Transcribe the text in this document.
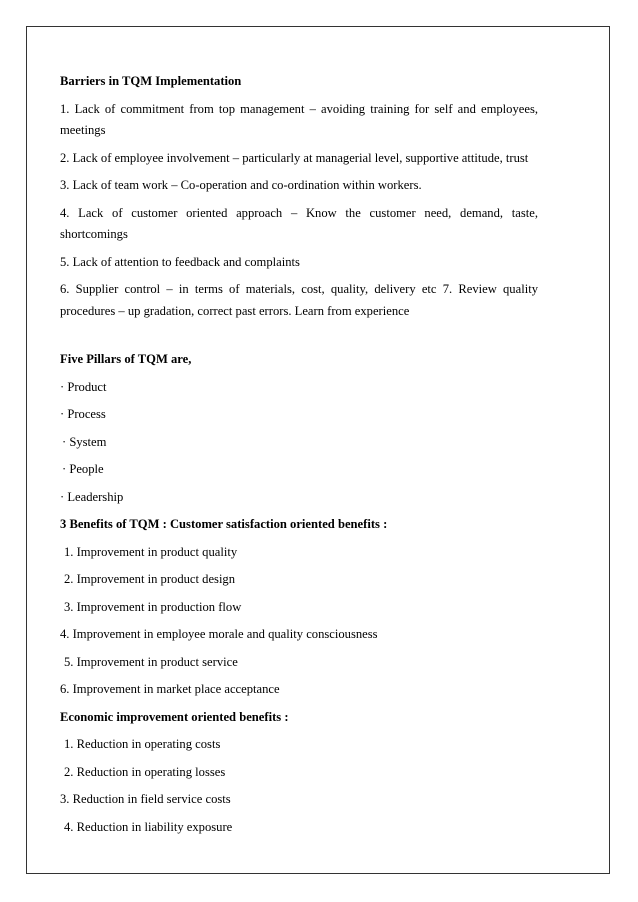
Barriers in TQM Implementation

1. Lack of commitment from top management – avoiding training for self and employees, meetings

2. Lack of employee involvement – particularly at managerial level, supportive attitude, trust

3. Lack of team work – Co-operation and co-ordination within workers.

4. Lack of customer oriented approach – Know the customer need, demand, taste, shortcomings

5. Lack of attention to feedback and complaints

6. Supplier control – in terms of materials, cost, quality, delivery etc 7. Review quality procedures – up gradation, correct past errors. Learn from experience

Five Pillars of TQM are,

· Product

· Process

· System

· People

· Leadership

3 Benefits of TQM : Customer satisfaction oriented benefits :

1. Improvement in product quality

2. Improvement in product design

3. Improvement in production flow

4. Improvement in employee morale and quality consciousness

5. Improvement in product service

6. Improvement in market place acceptance

Economic improvement oriented benefits :

1. Reduction in operating costs

2. Reduction in operating losses

3. Reduction in field service costs

4. Reduction in liability exposure
